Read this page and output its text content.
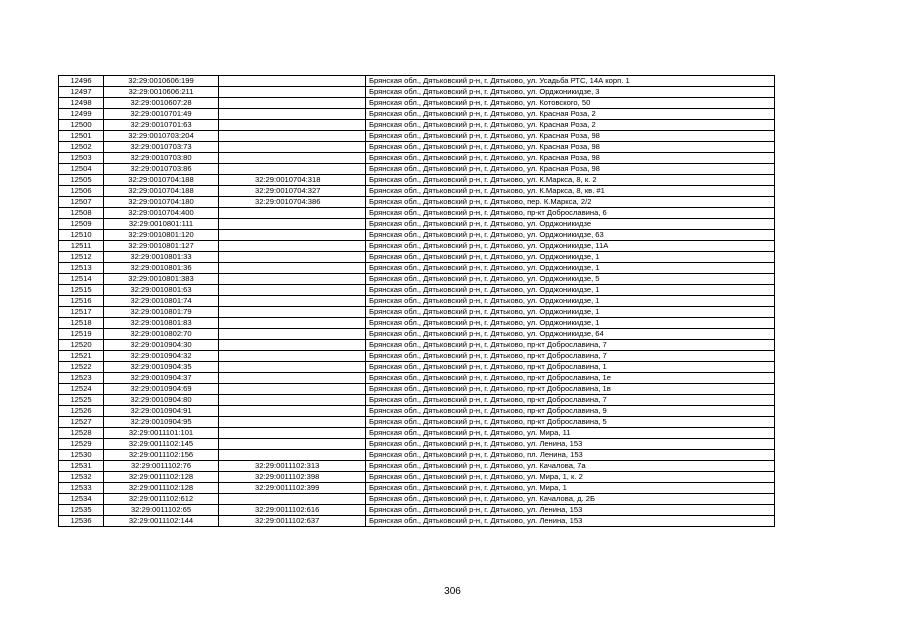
12496	32:29:0010606:199		Брянская обл., Дятьковский р-н, г. Дятьково, ул. Усадьба РТС, 14А корп. 1
12497	32:29:0010606:211		Брянская обл., Дятьковский р-н, г. Дятьково, ул. Орджоникидзе, 3
12498	32:29:0010607:28		Брянская обл., Дятьковский р-н, г. Дятьково, ул. Котовского, 50
12499	32:29:0010701:49		Брянская обл., Дятьковский р-н, г. Дятьково, ул. Красная Роза, 2
12500	32:29:0010701:63		Брянская обл., Дятьковский р-н, г. Дятьково, ул. Красная Роза, 2
12501	32:29:0010703:204		Брянская обл., Дятьковский р-н, г. Дятьково, ул. Красная Роза, 98
12502	32:29:0010703:73		Брянская обл., Дятьковский р-н, г. Дятьково, ул. Красная Роза, 98
12503	32:29:0010703:80		Брянская обл., Дятьковский р-н, г. Дятьково, ул. Красная Роза, 98
12504	32:29:0010703:86		Брянская обл., Дятьковский р-н, г. Дятьково, ул. Красная Роза, 98
12505	32:29:0010704:188	32:29:0010704:318	Брянская обл., Дятьковский р-н, г. Дятьково, ул. К.Маркса, 8, к. 2
12506	32:29:0010704:188	32:29:0010704:327	Брянская обл., Дятьковский р-н, г. Дятьково, ул. К.Маркса, 8, кв. #1
12507	32:29:0010704:180	32:29:0010704:386	Брянская обл., Дятьковский р-н, г. Дятьково, пер. К.Маркса, 2/2
12508	32:29:0010704:400		Брянская обл., Дятьковский р-н, г. Дятьково, пр-кт Доброславина, 6
12509	32:29:0010801:111		Брянская обл., Дятьковский р-н, г. Дятьково, ул. Орджоникидзе
12510	32:29:0010801:120		Брянская обл., Дятьковский р-н, г. Дятьково, ул. Орджоникидзе, 63
12511	32:29:0010801:127		Брянская обл., Дятьковский р-н, г. Дятьково, ул. Орджоникидзе, 11А
12512	32:29:0010801:33		Брянская обл., Дятьковский р-н, г. Дятьково, ул. Орджоникидзе, 1
12513	32:29:0010801:36		Брянская обл., Дятьковский р-н, г. Дятьково, ул. Орджоникидзе, 1
12514	32:29:0010801:383		Брянская обл., Дятьковский р-н, г. Дятьково, ул. Орджоникидзе, 5
12515	32:29:0010801:63		Брянская обл., Дятьковский р-н, г. Дятьково, ул. Орджоникидзе, 1
12516	32:29:0010801:74		Брянская обл., Дятьковский р-н, г. Дятьково, ул. Орджоникидзе, 1
12517	32:29:0010801:79		Брянская обл., Дятьковский р-н, г. Дятьково, ул. Орджоникидзе, 1
12518	32:29:0010801:83		Брянская обл., Дятьковский р-н, г. Дятьково, ул. Орджоникидзе, 1
12519	32:29:0010802:70		Брянская обл., Дятьковский р-н, г. Дятьково, ул. Орджоникидзе, 64
12520	32:29:0010904:30		Брянская обл., Дятьковский р-н, г. Дятьково, пр-кт Доброславина, 7
12521	32:29:0010904:32		Брянская обл., Дятьковский р-н, г. Дятьково, пр-кт Доброславина, 7
12522	32:29:0010904:35		Брянская обл., Дятьковский р-н, г. Дятьково, пр-кт Доброславина, 1
12523	32:29:0010904:37		Брянская обл., Дятьковский р-н, г. Дятьково, пр-кт Доброславина, 1е
12524	32:29:0010904:69		Брянская обл., Дятьковский р-н, г. Дятьково, пр-кт Доброславина, 1в
12525	32:29:0010904:80		Брянская обл., Дятьковский р-н, г. Дятьково, пр-кт Доброславина, 7
12526	32:29:0010904:91		Брянская обл., Дятьковский р-н, г. Дятьково, пр-кт Доброславина, 9
12527	32:29:0010904:95		Брянская обл., Дятьковский р-н, г. Дятьково, пр-кт Доброславина, 5
12528	32:29:0011101:101		Брянская обл., Дятьковский р-н, г. Дятьково, ул. Мира, 11
12529	32:29:0011102:145		Брянская обл., Дятьковский р-н, г. Дятьково, ул. Ленина, 153
12530	32:29:0011102:156		Брянская обл., Дятьковский р-н, г. Дятьково, пл. Ленина, 153
12531	32:29:0011102:76	32:29:0011102:313	Брянская обл., Дятьковский р-н, г. Дятьково, ул. Качалова, 7а
12532	32:29:0011102:128	32:29:0011102:398	Брянская обл., Дятьковский р-н, г. Дятьково, ул. Мира, 1, к. 2
12533	32:29:0011102:128	32:29:0011102:399	Брянская обл., Дятьковский р-н, г. Дятьково, ул. Мира, 1
12534	32:29:0011102:612		Брянская обл., Дятьковский р-н, г. Дятьково, ул. Качалова, д. 2Б
12535	32:29:0011102:65	32:29:0011102:616	Брянская обл., Дятьковский р-н, г. Дятьково, ул. Ленина, 153
12536	32:29:0011102:144	32:29:0011102:637	Брянская обл., Дятьковский р-н, г. Дятьково, ул. Ленина, 153
306
